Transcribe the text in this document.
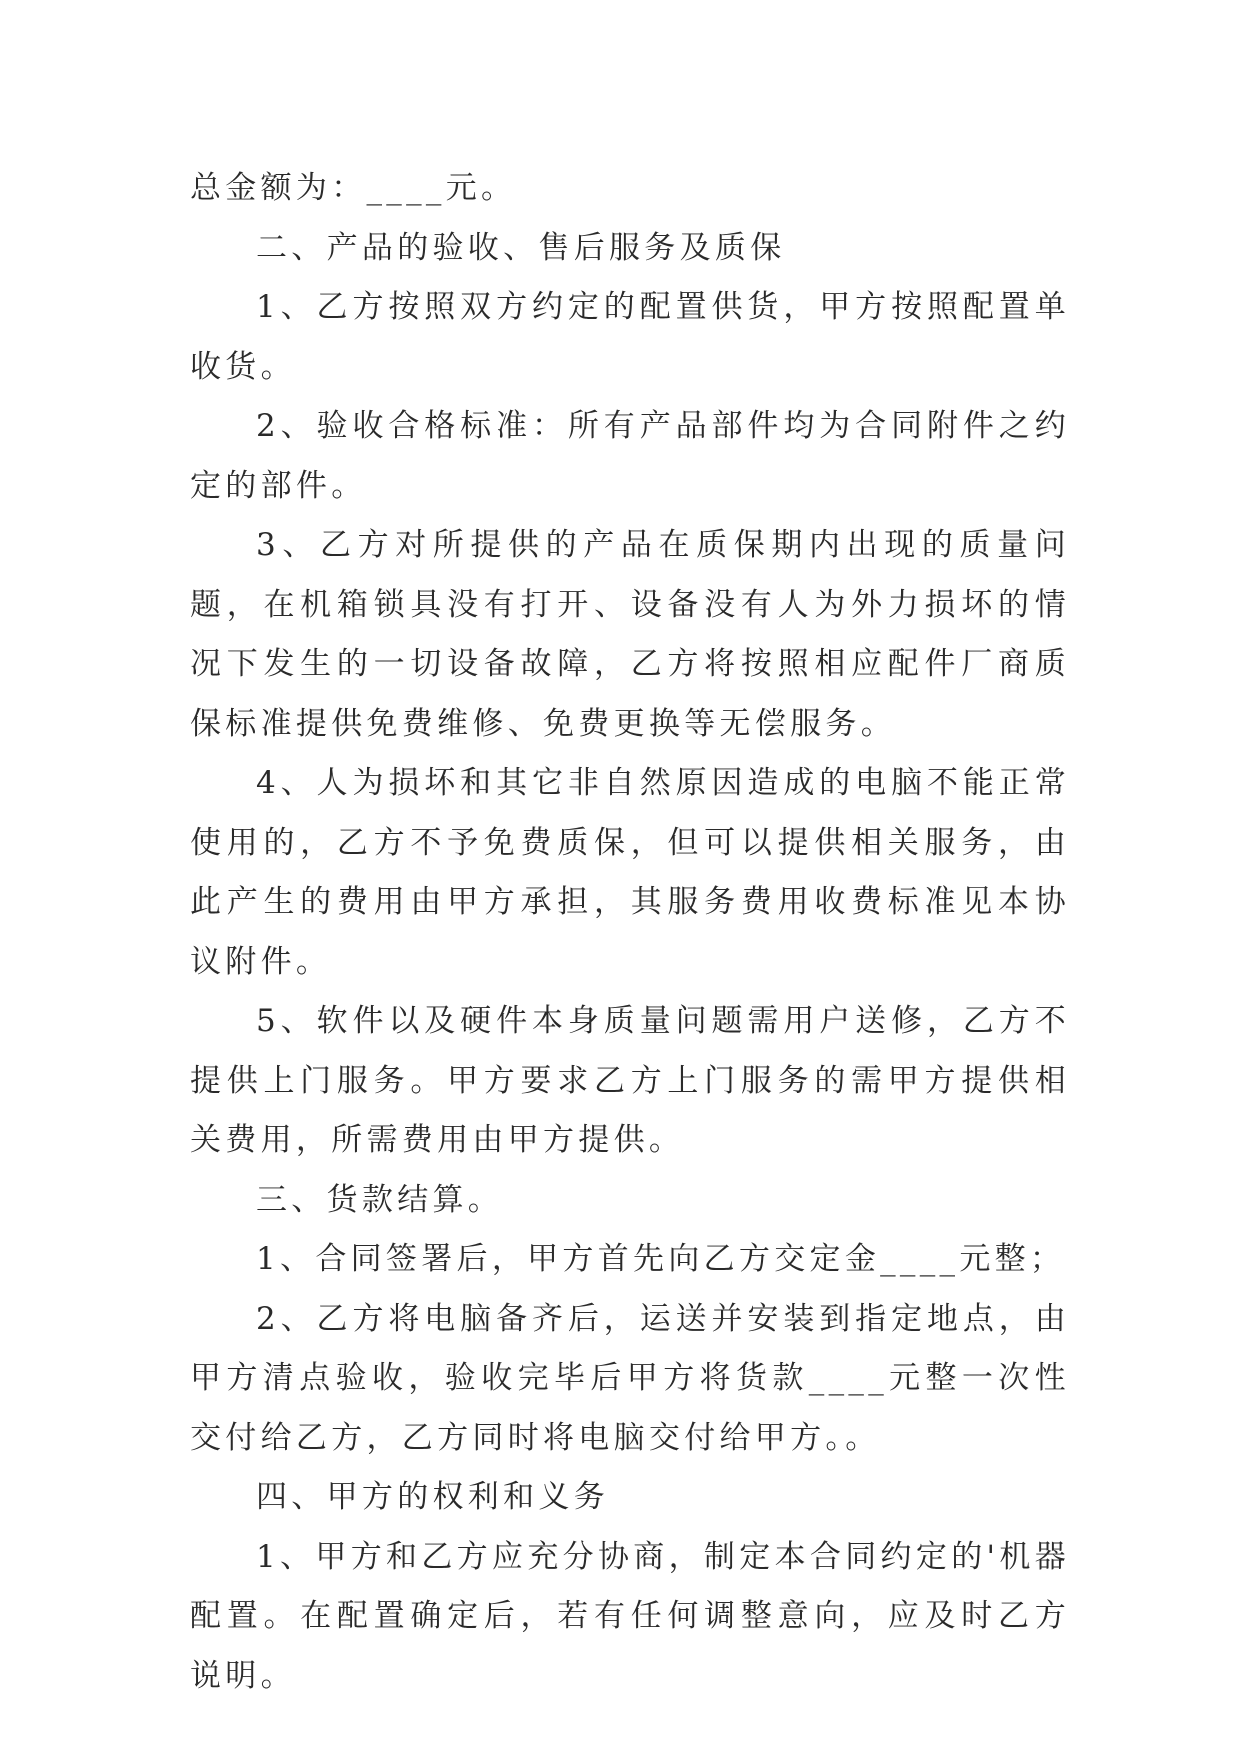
总金额为：____元。

二、产品的验收、售后服务及质保

1、乙方按照双方约定的配置供货，甲方按照配置单收货。

2、验收合格标准：所有产品部件均为合同附件之约定的部件。

3、乙方对所提供的产品在质保期内出现的质量问题，在机箱锁具没有打开、设备没有人为外力损坏的情况下发生的一切设备故障，乙方将按照相应配件厂商质保标准提供免费维修、免费更换等无偿服务。

4、人为损坏和其它非自然原因造成的电脑不能正常使用的，乙方不予免费质保，但可以提供相关服务，由此产生的费用由甲方承担，其服务费用收费标准见本协议附件。

5、软件以及硬件本身质量问题需用户送修，乙方不提供上门服务。甲方要求乙方上门服务的需甲方提供相关费用，所需费用由甲方提供。

三、货款结算。

1、合同签署后，甲方首先向乙方交定金____元整；

2、乙方将电脑备齐后，运送并安装到指定地点，由甲方清点验收，验收完毕后甲方将货款____元整一次性交付给乙方，乙方同时将电脑交付给甲方。。

四、甲方的权利和义务

1、甲方和乙方应充分协商，制定本合同约定的'机器配置。在配置确定后，若有任何调整意向，应及时乙方说明。
